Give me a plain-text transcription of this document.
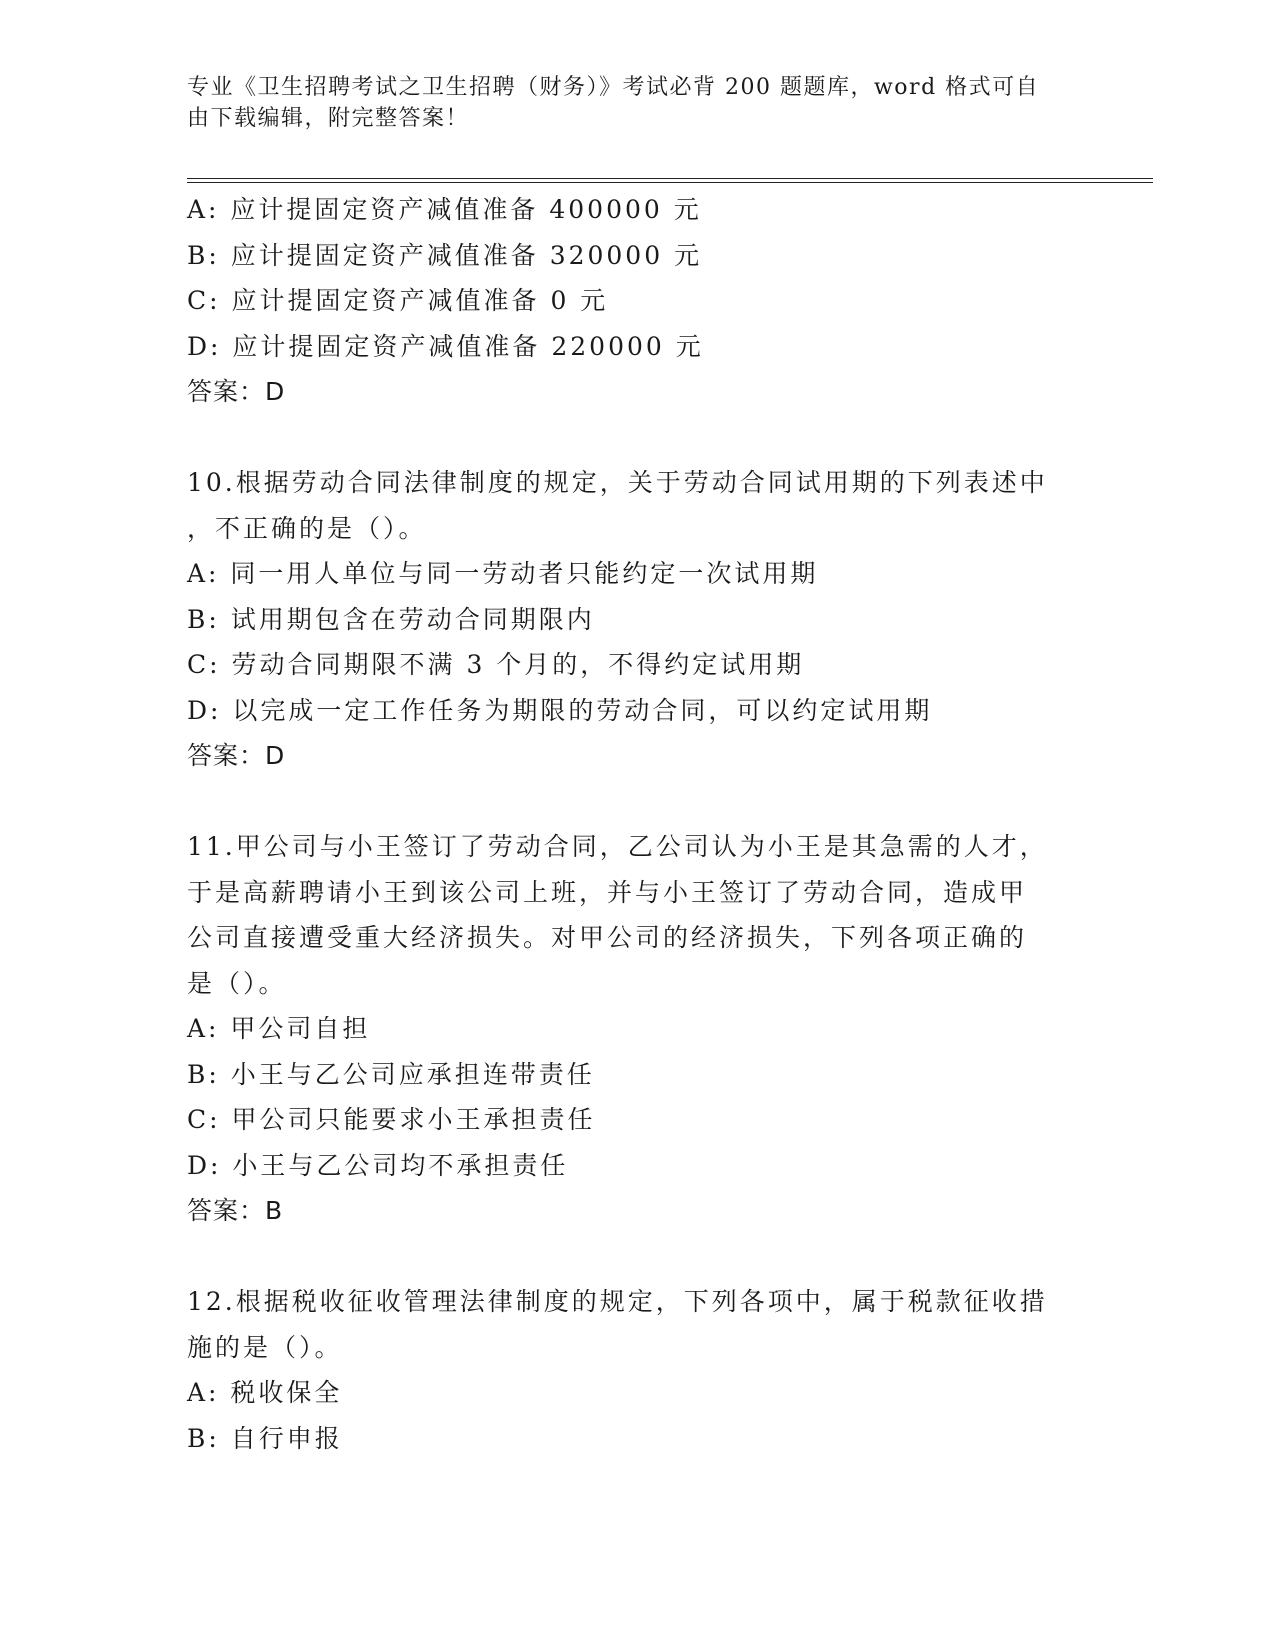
专业《卫生招聘考试之卫生招聘（财务）》考试必背 200 题题库，word 格式可自
由下载编辑，附完整答案！
A: 应计提固定资产减值准备 400000 元
B: 应计提固定资产减值准备 320000 元
C: 应计提固定资产减值准备 0 元
D: 应计提固定资产减值准备 220000 元
答案：D
10.根据劳动合同法律制度的规定，关于劳动合同试用期的下列表述中
，不正确的是（）。
A: 同一用人单位与同一劳动者只能约定一次试用期
B: 试用期包含在劳动合同期限内
C: 劳动合同期限不满 3 个月的，不得约定试用期
D: 以完成一定工作任务为期限的劳动合同，可以约定试用期
答案：D
11.甲公司与小王签订了劳动合同，乙公司认为小王是其急需的人才，
于是高薪聘请小王到该公司上班，并与小王签订了劳动合同，造成甲
公司直接遭受重大经济损失。对甲公司的经济损失，下列各项正确的
是（）。
A: 甲公司自担
B: 小王与乙公司应承担连带责任
C: 甲公司只能要求小王承担责任
D: 小王与乙公司均不承担责任
答案：B
12.根据税收征收管理法律制度的规定，下列各项中，属于税款征收措
施的是（）。
A: 税收保全
B: 自行申报
